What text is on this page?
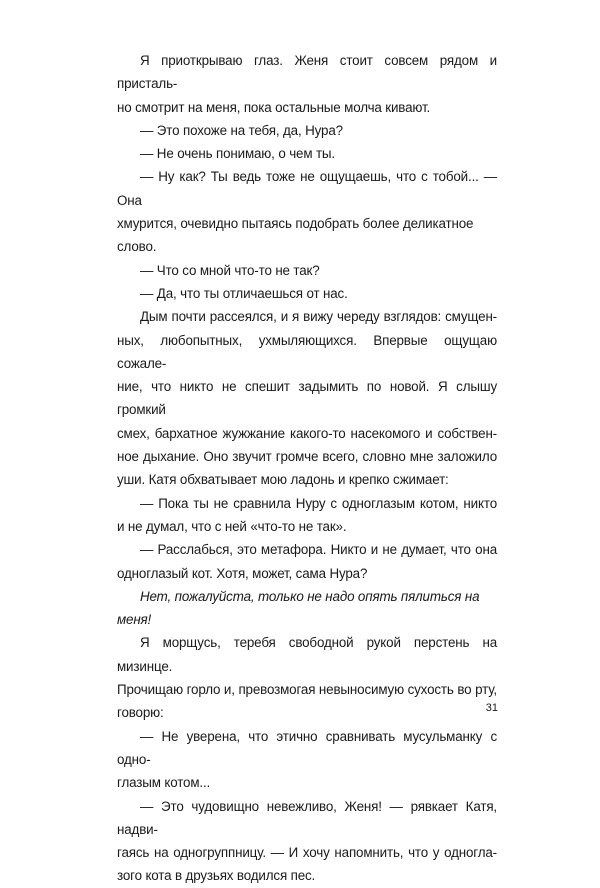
Я приоткрываю глаз. Женя стоит совсем рядом и присталь-
но смотрит на меня, пока остальные молча кивают.
— Это похоже на тебя, да, Нура?
— Не очень понимаю, о чем ты.
— Ну как? Ты ведь тоже не ощущаешь, что с тобой... — Она
хмурится, очевидно пытаясь подобрать более деликатное слово.
— Что со мной что-то не так?
— Да, что ты отличаешься от нас.
Дым почти рассеялся, и я вижу череду взглядов: смущен-
ных, любопытных, ухмыляющихся. Впервые ощущаю сожале-
ние, что никто не спешит задымить по новой. Я слышу громкий
смех, бархатное жужжание какого-то насекомого и собствен-
ное дыхание. Оно звучит громче всего, словно мне заложило
уши. Катя обхватывает мою ладонь и крепко сжимает:
— Пока ты не сравнила Нуру с одноглазым котом, никто
и не думал, что с ней «что-то не так».
— Расслабься, это метафора. Никто и не думает, что она
одноглазый кот. Хотя, может, сама Нура?
Нет, пожалуйста, только не надо опять пялиться на меня!
Я морщусь, теребя свободной рукой перстень на мизинце.
Прочищаю горло и, превозмогая невыносимую сухость во рту,
говорю:
— Не уверена, что этично сравнивать мусульманку с одно-
глазым котом...
— Это чудовищно невежливо, Женя! — рявкает Катя, надви-
гаясь на одногруппницу. — И хочу напомнить, что у одногла-
зого кота в друзьях водился пес.
31
